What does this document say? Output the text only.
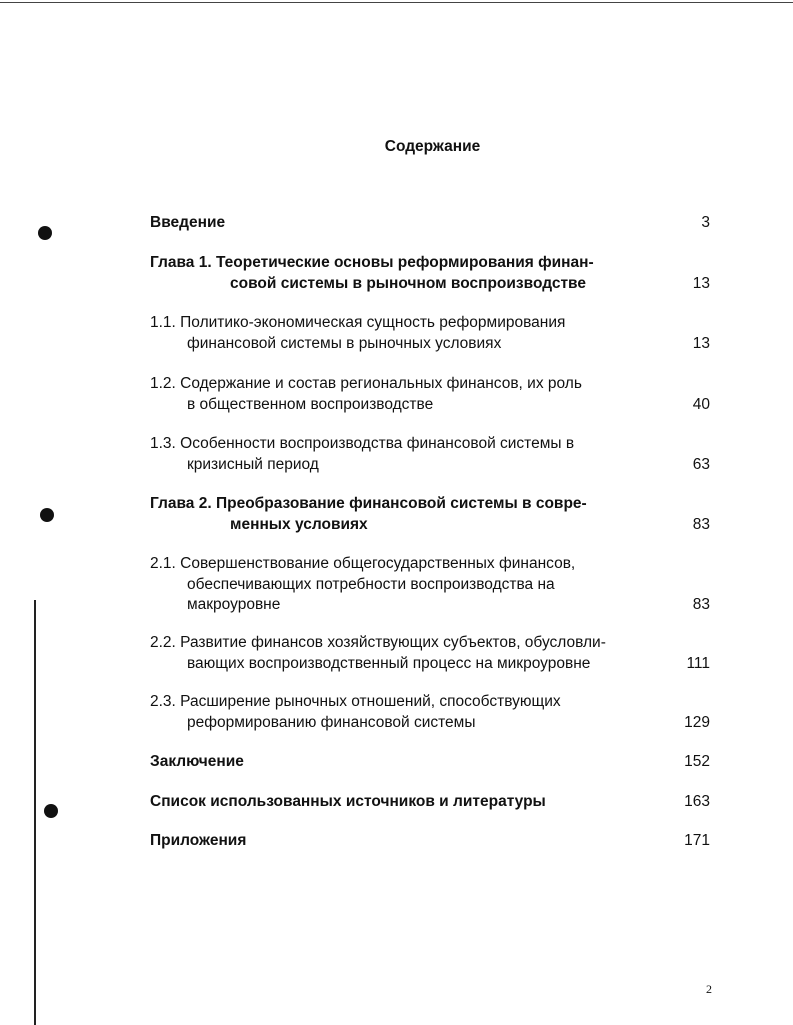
Содержание
Введение	3
Глава 1. Теоретические основы реформирования финан-
совой системы в рыночном воспроизводстве	13
1.1. Политико-экономическая сущность реформирования
финансовой системы в рыночных условиях	13
1.2. Содержание и состав региональных финансов, их роль
в общественном воспроизводстве	40
1.3. Особенности воспроизводства финансовой системы в
кризисный период	63
Глава 2. Преобразование финансовой системы в совре-
менных условиях	83
2.1. Совершенствование общегосударственных финансов,
обеспечивающих потребности воспроизводства на
макроуровне	83
2.2. Развитие финансов хозяйствующих субъектов, обусловли-
вающих воспроизводственный процесс на микроуровне	111
2.3. Расширение рыночных отношений, способствующих
реформированию финансовой системы	129
Заключение	152
Список использованных источников и литературы	163
Приложения	171
2
